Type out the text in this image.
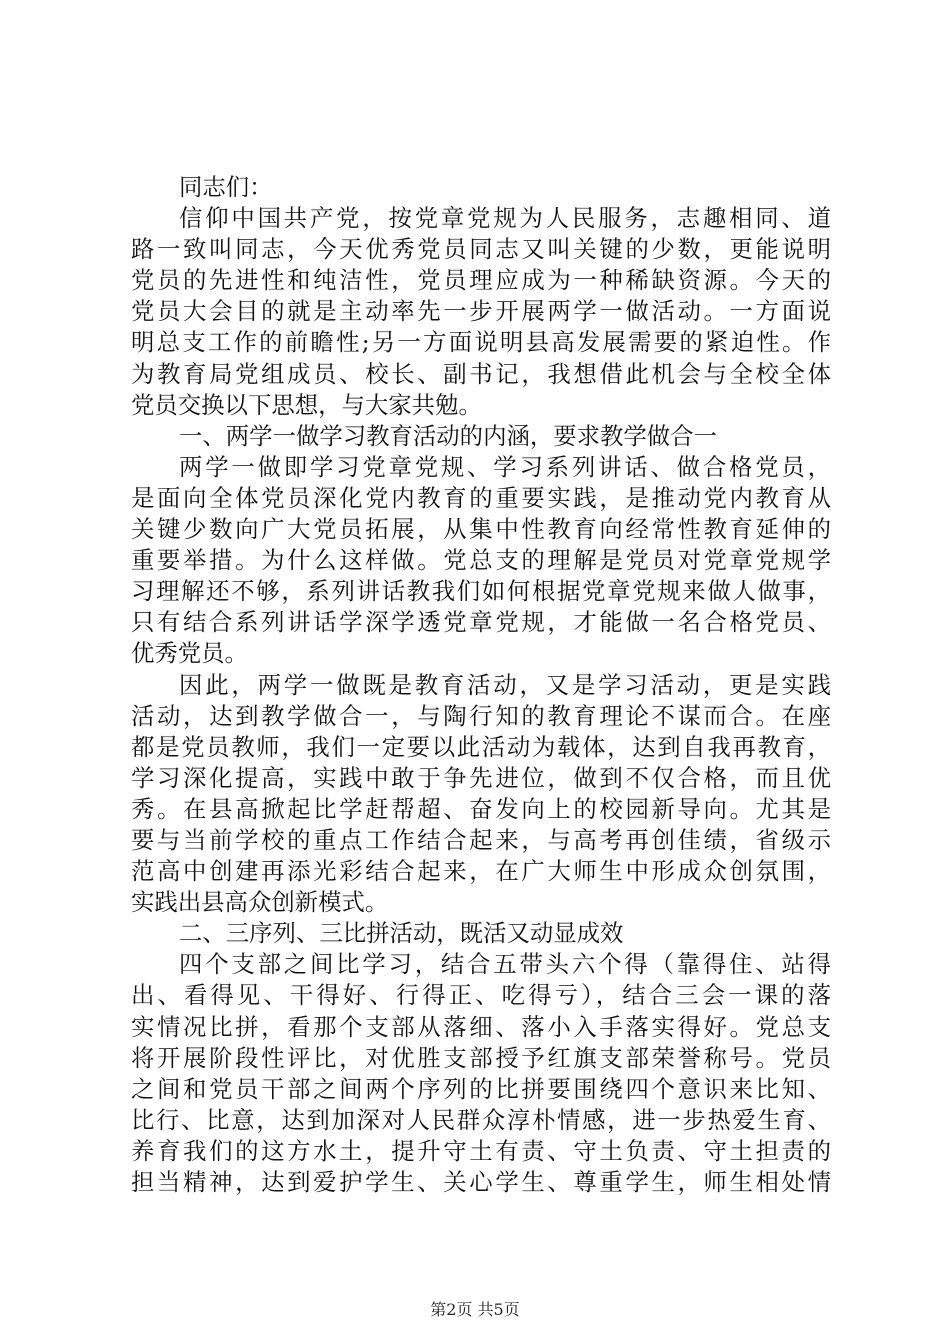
同志们：
信仰中国共产党，按党章党规为人民服务，志趣相同、道
路一致叫同志，今天优秀党员同志又叫关键的少数，更能说明
党员的先进性和纯洁性，党员理应成为一种稀缺资源。今天的
党员大会目的就是主动率先一步开展两学一做活动。一方面说
明总支工作的前瞻性;另一方面说明县高发展需要的紧迫性。作
为教育局党组成员、校长、副书记，我想借此机会与全校全体
党员交换以下思想，与大家共勉。
一、两学一做学习教育活动的内涵，要求教学做合一
两学一做即学习党章党规、学习系列讲话、做合格党员，
是面向全体党员深化党内教育的重要实践，是推动党内教育从
关键少数向广大党员拓展，从集中性教育向经常性教育延伸的
重要举措。为什么这样做。党总支的理解是党员对党章党规学
习理解还不够，系列讲话教我们如何根据党章党规来做人做事，
只有结合系列讲话学深学透党章党规，才能做一名合格党员、
优秀党员。
因此，两学一做既是教育活动，又是学习活动，更是实践
活动，达到教学做合一，与陶行知的教育理论不谋而合。在座
都是党员教师，我们一定要以此活动为载体，达到自我再教育，
学习深化提高，实践中敢于争先进位，做到不仅合格，而且优
秀。在县高掀起比学赶帮超、奋发向上的校园新导向。尤其是
要与当前学校的重点工作结合起来，与高考再创佳绩，省级示
范高中创建再添光彩结合起来，在广大师生中形成众创氛围，
实践出县高众创新模式。
二、三序列、三比拼活动，既活又动显成效
四个支部之间比学习，结合五带头六个得（靠得住、站得
出、看得见、干得好、行得正、吃得亏），结合三会一课的落
实情况比拼，看那个支部从落细、落小入手落实得好。党总支
将开展阶段性评比，对优胜支部授予红旗支部荣誉称号。党员
之间和党员干部之间两个序列的比拼要围绕四个意识来比知、
比行、比意，达到加深对人民群众淳朴情感，进一步热爱生育、
养育我们的这方水土，提升守土有责、守土负责、守土担责的
担当精神，达到爱护学生、关心学生、尊重学生，师生相处情
第2页 共5页
